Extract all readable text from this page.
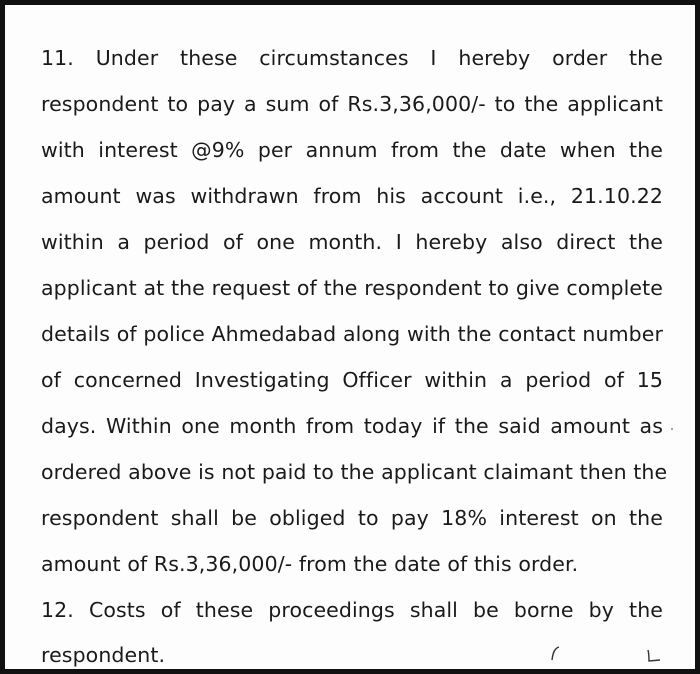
11. Under these circumstances I hereby order the
respondent to pay a sum of Rs.3,36,000/- to the applicant
with interest @9% per annum from the date when the
amount was withdrawn from his account i.e., 21.10.22
within a period of one month. I hereby also direct the
applicant at the request of the respondent to give complete
details of police Ahmedabad along with the contact number
of concerned Investigating Officer within a period of 15
days. Within one month from today if the said amount as
ordered above is not paid to the applicant claimant then the
respondent shall be obliged to pay 18% interest on the
amount of Rs.3,36,000/- from the date of this order.
12. Costs of these proceedings shall be borne by the
respondent.
